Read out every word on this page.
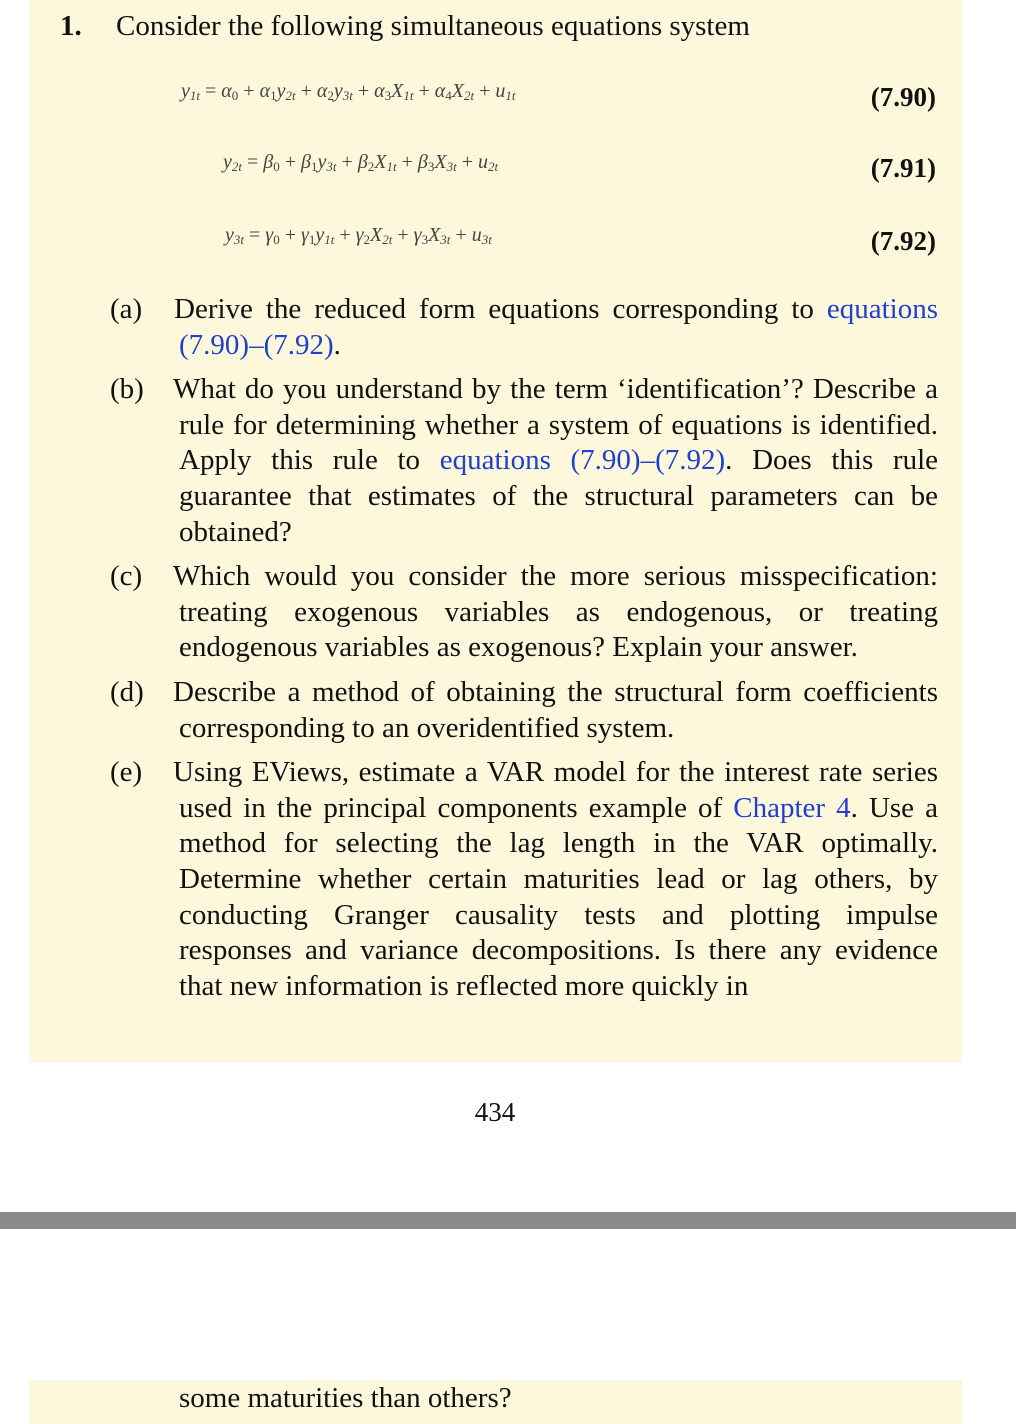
1. Consider the following simultaneous equations system
$y_{1t} = \alpha_0 + \alpha_1y_{2t} + \alpha_2y_{3t} + \alpha_3X_{1t} + \alpha_4X_{2t} + u_{1t}$	(7.90)
$y_{2t} = \beta_0 + \beta_1y_{3t} + \beta_2X_{1t} + \beta_3X_{3t} + u_{2t}$	(7.91)
$y_{3t} = \gamma_0 + \gamma_1y_{1t} + \gamma_2X_{2t} + \gamma_3X_{3t} + u_{3t}$	(7.92)
(a) Derive the reduced form equations corresponding to equations (7.90)–(7.92).
(b) What do you understand by the term ‘identification’? Describe a rule for determining whether a system of equations is identified. Apply this rule to equations (7.90)–(7.92). Does this rule guarantee that estimates of the structural parameters can be obtained?
(c) Which would you consider the more serious misspecification: treating exogenous variables as endogenous, or treating endogenous variables as exogenous? Explain your answer.
(d) Describe a method of obtaining the structural form coefficients corresponding to an overidentified system.
(e) Using EViews, estimate a VAR model for the interest rate series used in the principal components example of Chapter 4. Use a method for selecting the lag length in the VAR optimally. Determine whether certain maturities lead or lag others, by conducting Granger causality tests and plotting impulse responses and variance decompositions. Is there any evidence that new information is reflected more quickly in
434
some maturities than others?
